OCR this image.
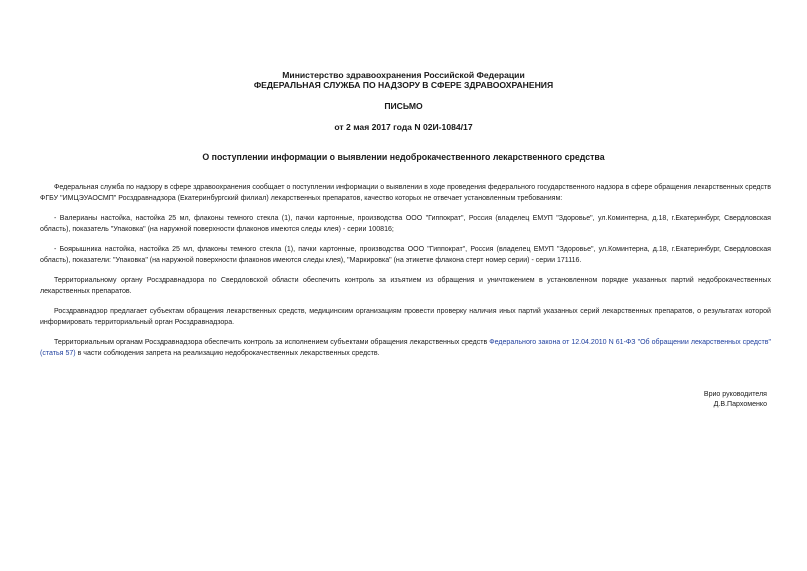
Министерство здравоохранения Российской Федерации
ФЕДЕРАЛЬНАЯ СЛУЖБА ПО НАДЗОРУ В СФЕРЕ ЗДРАВООХРАНЕНИЯ
ПИСЬМО
от 2 мая 2017 года N 02И-1084/17
О поступлении информации о выявлении недоброкачественного лекарственного средства
Федеральная служба по надзору в сфере здравоохранения сообщает о поступлении информации о выявлении в ходе проведения федерального государственного надзора в сфере обращения лекарственных средств ФГБУ "ИМЦЭУАОСМП" Росздравнадзора (Екатеринбургский филиал) лекарственных препаратов, качество которых не отвечает установленным требованиям:
- Валерианы настойка, настойка 25 мл, флаконы темного стекла (1), пачки картонные, производства ООО "Гиппократ", Россия (владелец ЕМУП "Здоровье", ул.Коминтерна, д.18, г.Екатеринбург, Свердловская область), показатель "Упаковка" (на наружной поверхности флаконов имеются следы клея) - серии 100816;
- Боярышника настойка, настойка 25 мл, флаконы темного стекла (1), пачки картонные, производства ООО "Гиппократ", Россия (владелец ЕМУП "Здоровье", ул.Коминтерна, д.18, г.Екатеринбург, Свердловская область), показатели: "Упаковка" (на наружной поверхности флаконов имеются следы клея), "Маркировка" (на этикетке флакона стерт номер серии) - серии 171116.
Территориальному органу Росздравнадзора по Свердловской области обеспечить контроль за изъятием из обращения и уничтожением в установленном порядке указанных партий недоброкачественных лекарственных препаратов.
Росздравнадзор предлагает субъектам обращения лекарственных средств, медицинским организациям провести проверку наличия иных партий указанных серий лекарственных препаратов, о результатах которой информировать территориальный орган Росздравнадзора.
Территориальным органам Росздравнадзора обеспечить контроль за исполнением субъектами обращения лекарственных средств Федерального закона от 12.04.2010 N 61-ФЗ "Об обращении лекарственных средств" (статья 57) в части соблюдения запрета на реализацию недоброкачественных лекарственных средств.
Врио руководителя
Д.В.Пархоменко
